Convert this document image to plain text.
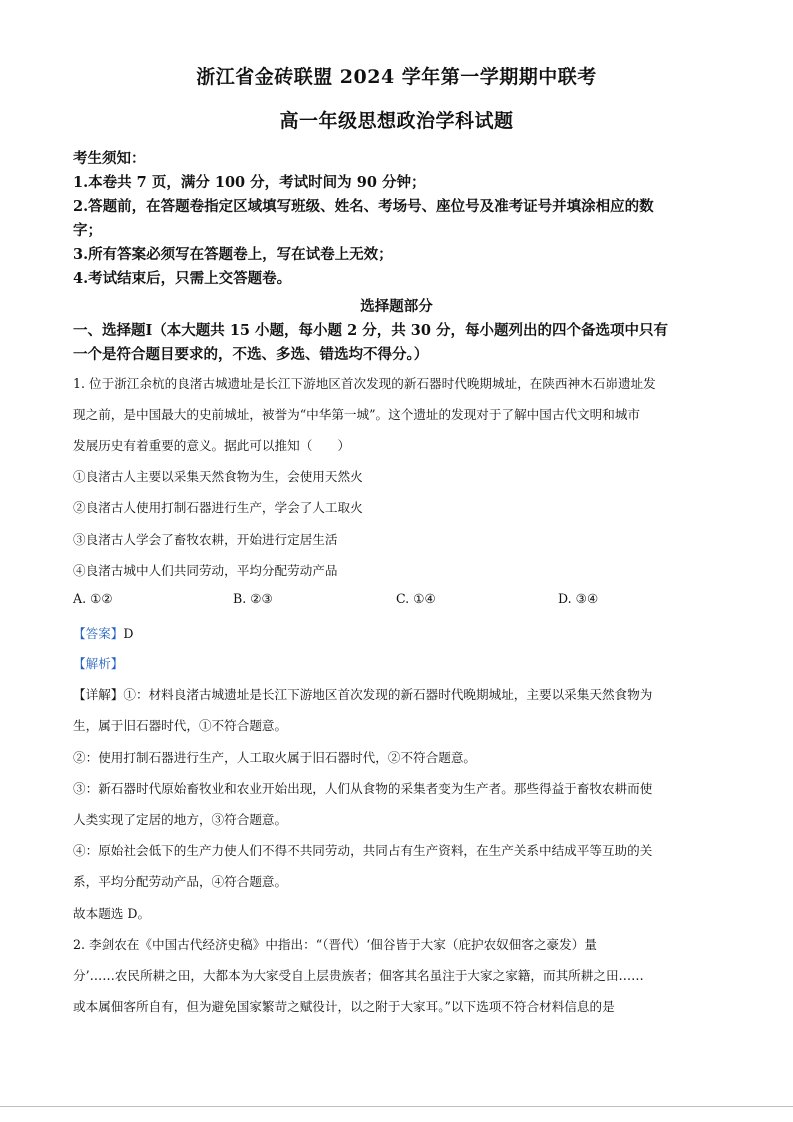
浙江省金砖联盟 2024 学年第一学期期中联考
高一年级思想政治学科试题
考生须知：
1.本卷共 7 页，满分 100 分，考试时间为 90 分钟；
2.答题前，在答题卷指定区域填写班级、姓名、考场号、座位号及准考证号并填涂相应的数
字；
3.所有答案必须写在答题卷上，写在试卷上无效；
4.考试结束后，只需上交答题卷。
选择题部分
一、选择题Ⅰ（本大题共 15 小题，每小题 2 分，共 30 分，每小题列出的四个备选项中只有
一个是符合题目要求的，不选、多选、错选均不得分。）
1. 位于浙江余杭的良渚古城遗址是长江下游地区首次发现的新石器时代晚期城址，在陕西神木石峁遗址发
现之前，是中国最大的史前城址，被誉为“中华第一城”。这个遗址的发现对于了解中国古代文明和城市
发展历史有着重要的意义。据此可以推知（　　）
①良渚古人主要以采集天然食物为生，会使用天然火
②良渚古人使用打制石器进行生产，学会了人工取火
③良渚古人学会了畜牧农耕，开始进行定居生活
④良渚古城中人们共同劳动，平均分配劳动产品
A. ①②	B. ②③	C. ①④	D. ③④
【答案】D
【解析】
【详解】①：材料良渚古城遗址是长江下游地区首次发现的新石器时代晚期城址，主要以采集天然食物为
生，属于旧石器时代，①不符合题意。
②：使用打制石器进行生产，人工取火属于旧石器时代，②不符合题意。
③：新石器时代原始畜牧业和农业开始出现，人们从食物的采集者变为生产者。那些得益于畜牧农耕而使
人类实现了定居的地方，③符合题意。
④：原始社会低下的生产力使人们不得不共同劳动，共同占有生产资料，在生产关系中结成平等互助的关
系，平均分配劳动产品，④符合题意。
故本题选 D。
2. 李剑农在《中国古代经济史稿》中指出：“（晋代）‘佃谷皆于大家（庇护农奴佃客之豪发）量
分’……农民所耕之田，大都本为大家受自上层贵族者；佃客其名虽注于大家之家籍，而其所耕之田……
或本属佃客所自有，但为避免国家繁苛之赋役计，以之附于大家耳。”以下选项不符合材料信息的是
